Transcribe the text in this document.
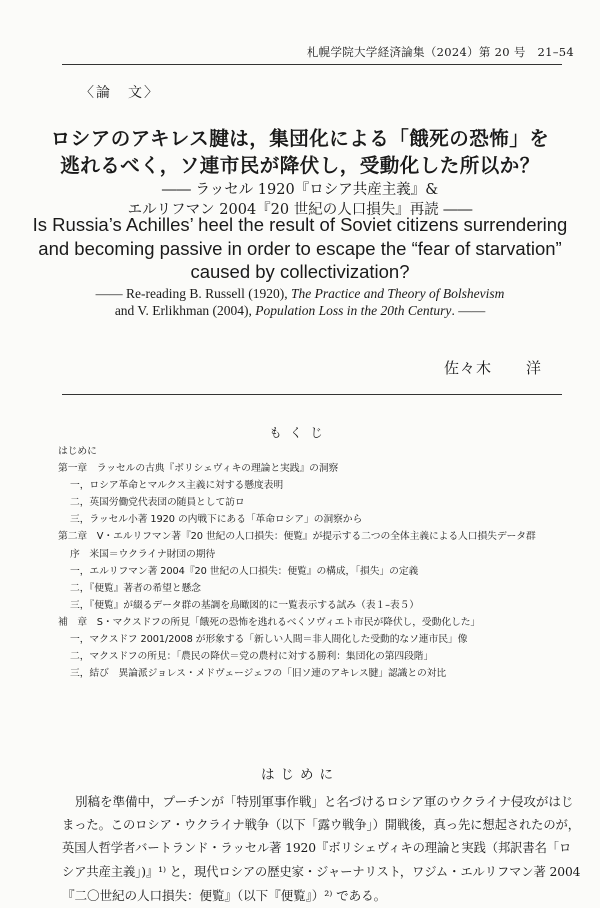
札幌学院大学経済論集（2024）第 20 号　21–54
〈論　文〉
ロシアのアキレス腱は，集団化による「餓死の恐怖」を
逃れるべく，ソ連市民が降伏し，受動化した所以か？
―― ラッセル 1920『ロシア共産主義』&
エルリフマン 2004『20 世紀の人口損失』再読 ――
Is Russia’s Achilles’ heel the result of Soviet citizens surrendering
and becoming passive in order to escape the “fear of starvation”
caused by collectivization?
―― Re-reading B. Russell (1920), The Practice and Theory of Bolshevism
and V. Erlikhman (2004), Population Loss in the 20th Century. ――
佐々木 洋
もくじ
はじめに
第一章　ラッセルの古典『ボリシェヴィキの理論と実践』の洞察
一，ロシア革命とマルクス主義に対する懸度表明
二，英国労働党代表団の随員として訪ロ
三，ラッセル小著 1920 の内戦下にある「革命ロシア」の洞察から
第二章　V・エルリフマン著『20 世紀の人口損失：便覧』が提示する二つの全体主義による人口損失データ群
序　米国＝ウクライナ財団の期待
一，エルリフマン著 2004『20 世紀の人口損失：便覧』の構成，「損失」の定義
二，『便覧』著者の希望と懸念
三，『便覧』が綴るデータ群の基調を鳥瞰図的に一覧表示する試み（表１–表５）
補　章　S・マクスドフの所見「餓死の恐怖を逃れるべくソヴィエト市民が降伏し，受動化した」
一，マクスドフ 2001/2008 が形象する「新しい人間＝非人間化した受動的なソ連市民」像
二，マクスドフの所見：「農民の降伏＝党の農村に対する勝利：集団化の第四段階」
三，結び　異論派ジョレス・メドヴェージェフの「旧ソ連のアキレス腱」認識との対比
はじめに
別稿を準備中，プーチンが「特別軍事作戦」と名づけるロシア軍のウクライナ侵攻がはじ
まった。このロシア・ウクライナ戦争（以下「露ウ戦争」）開戦後，真っ先に想起されたのが，
英国人哲学者バートランド・ラッセル著 1920『ボリシェヴィキの理論と実践（邦訳書名「ロ
シア共産主義」)』¹⁾ と，現代ロシアの歴史家・ジャーナリスト，ワジム・エルリフマン著 2004
『二〇世紀の人口損失：便覧』（以下『便覧』）²⁾ である。
